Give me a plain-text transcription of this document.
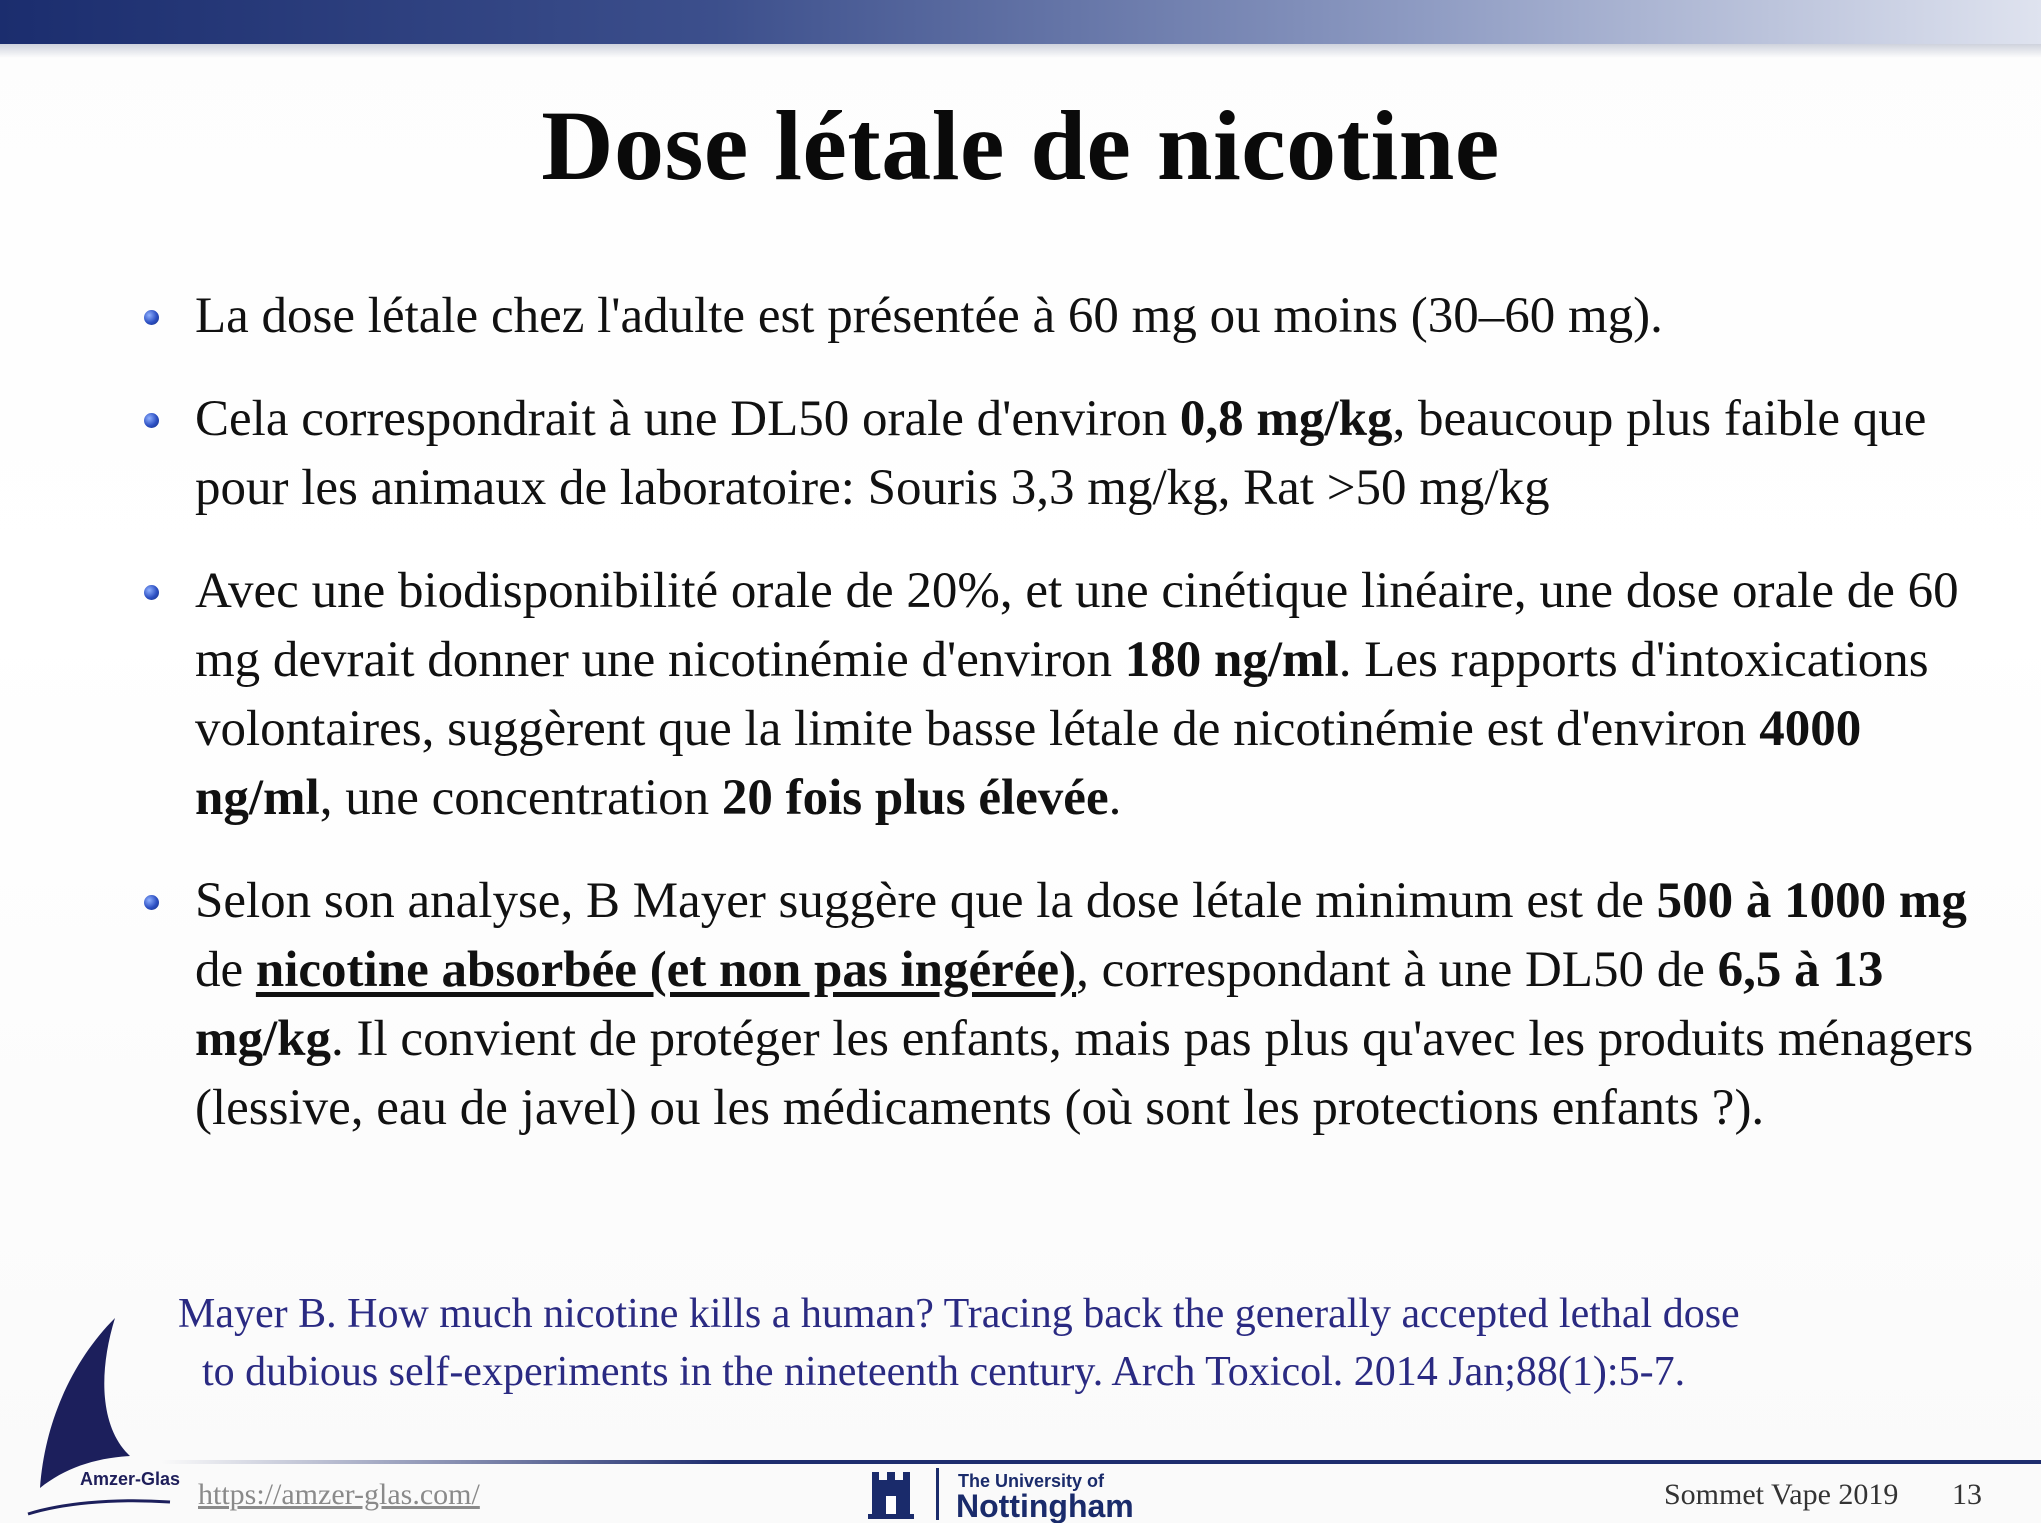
Dose létale de nicotine
La dose létale chez l'adulte est présentée à 60 mg ou moins (30–60 mg).
Cela correspondrait à une DL50 orale d'environ 0,8 mg/kg, beaucoup plus faible que pour les animaux de laboratoire: Souris 3,3 mg/kg, Rat >50 mg/kg
Avec une biodisponibilité orale de 20%, et une cinétique linéaire, une dose orale de 60 mg devrait donner une nicotinémie d'environ 180 ng/ml. Les rapports d'intoxications volontaires, suggèrent que la limite basse létale de nicotinémie est d'environ 4000 ng/ml, une concentration 20 fois plus élevée.
Selon son analyse, B Mayer suggère que la dose létale minimum est de 500 à 1000 mg de nicotine absorbée (et non pas ingérée), correspondant à une DL50 de 6,5 à 13 mg/kg. Il convient de protéger les enfants, mais pas plus qu'avec les produits ménagers (lessive, eau de javel) ou les médicaments (où sont les protections enfants ?).
Mayer B. How much nicotine kills a human? Tracing back the generally accepted lethal dose
to dubious self-experiments in the nineteenth century. Arch Toxicol. 2014 Jan;88(1):5-7.
Amzer-Glas https://amzer-glas.com/	The University of
Nottingham	Sommet Vape 2019 13
